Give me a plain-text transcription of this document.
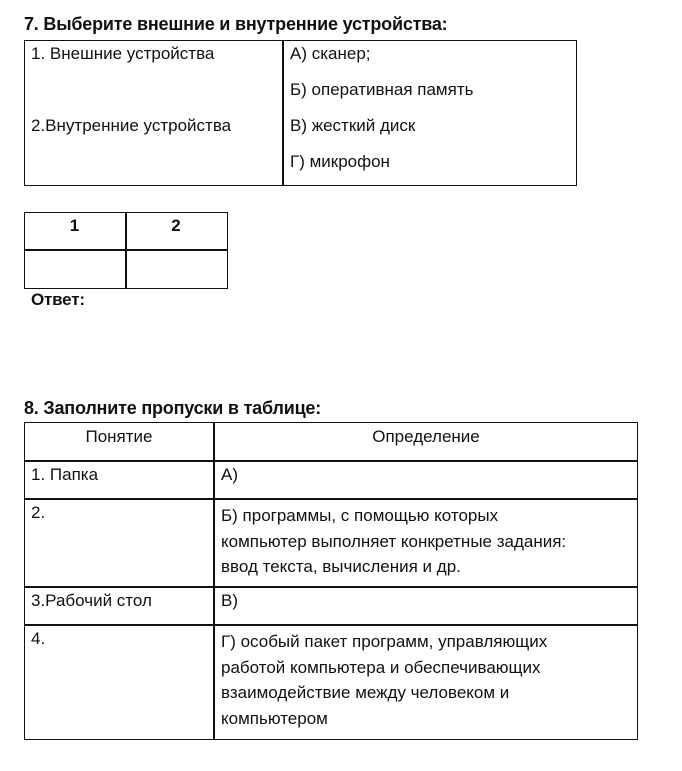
7. Выберите внешние и внутренние устройства:
1. Внешние устройства
2.Внутренние устройства
А) сканер;
Б) оперативная память
В) жесткий диск
Г) микрофон
1	2
Ответ:
8. Заполните пропуски в таблице:
Понятие	Определение
1. Папка	А)
2.	Б) программы, с помощью которых
компьютер выполняет конкретные задания:
ввод текста, вычисления и др.
3.Рабочий стол	В)
4.	Г) особый пакет программ, управляющих
работой компьютера и обеспечивающих
взаимодействие между человеком и
компьютером
